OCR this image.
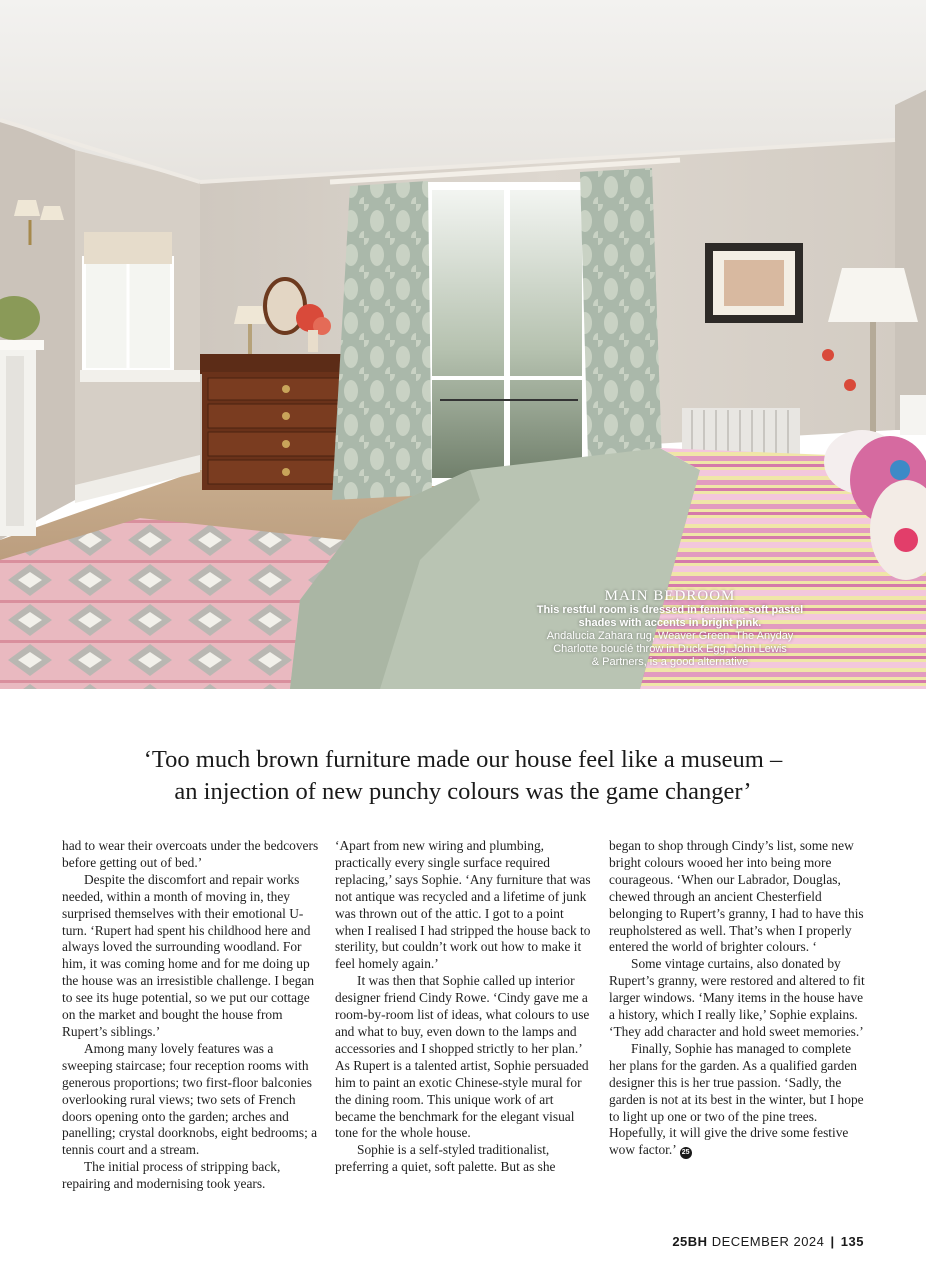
MAIN BEDROOM
This restful room is dressed in feminine soft pastel
shades with accents in bright pink.
Andalucia Zahara rug, Weaver Green. The Anyday
Charlotte bouclé throw in Duck Egg, John Lewis
& Partners, is a good alternative
‘Too much brown furniture made our house feel like a museum –
an injection of new punchy colours was the game changer’

had to wear their overcoats under the bedcovers before getting out of bed.’

Despite the discomfort and repair works needed, within a month of moving in, they surprised themselves with their emotional U-turn. ‘Rupert had spent his childhood here and always loved the surrounding woodland. For him, it was coming home and for me doing up the house was an irresistible challenge. I began to see its huge potential, so we put our cottage on the market and bought the house from Rupert’s siblings.’

Among many lovely features was a sweeping staircase; four reception rooms with generous proportions; two first-floor balconies overlooking rural views; two sets of French doors opening onto the garden; arches and panelling; crystal doorknobs, eight bedrooms; a tennis court and a stream.

The initial process of stripping back, repairing and modernising took years.

‘Apart from new wiring and plumbing, practically every single surface required replacing,’ says Sophie. ‘Any furniture that was not antique was recycled and a lifetime of junk was thrown out of the attic. I got to a point when I realised I had stripped the house back to sterility, but couldn’t work out how to make it feel homely again.’

It was then that Sophie called up interior designer friend Cindy Rowe. ‘Cindy gave me a room-by-room list of ideas, what colours to use and what to buy, even down to the lamps and accessories and I shopped strictly to her plan.’ As Rupert is a talented artist, Sophie persuaded him to paint an exotic Chinese-style mural for the dining room. This unique work of art became the benchmark for the elegant visual tone for the whole house.

Sophie is a self-styled traditionalist, preferring a quiet, soft palette. But as she

began to shop through Cindy’s list, some new bright colours wooed her into being more courageous. ‘When our Labrador, Douglas, chewed through an ancient Chesterfield belonging to Rupert’s granny, I had to have this reupholstered as well. That’s when I properly entered the world of brighter colours. ‘

Some vintage curtains, also donated by Rupert’s granny, were restored and altered to fit larger windows. ‘Many items in the house have a history, which I really like,’ Sophie explains. ‘They add character and hold sweet memories.’

Finally, Sophie has managed to complete her plans for the garden. As a qualified garden designer this is her true passion. ‘Sadly, the garden is not at its best in the winter, but I hope to light up one or two of the pine trees. Hopefully, it will give the drive some festive wow factor.’ 25

25BH DECEMBER 2024 | 135
